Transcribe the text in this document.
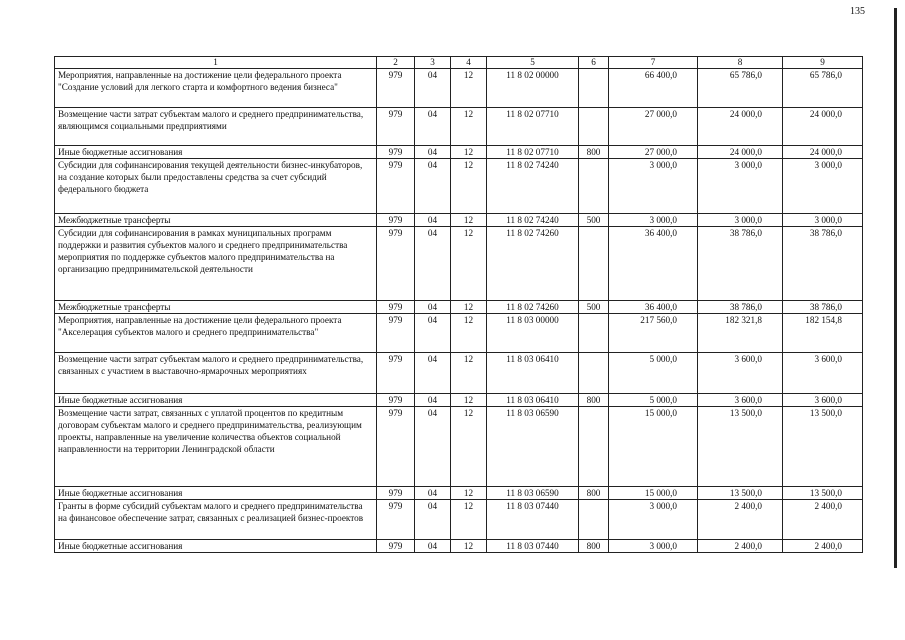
135
1	2	3	4	5	6	7	8	9
Мероприятия, направленные на достижение цели федерального проекта "Создание условий для легкого старта и комфортного ведения бизнеса"	979	04	12	11 8 02 00000		66 400,0	65 786,0	65 786,0
Возмещение части затрат субъектам малого и среднего предпринимательства, являющимся социальными предприятиями	979	04	12	11 8 02 07710		27 000,0	24 000,0	24 000,0
Иные бюджетные ассигнования	979	04	12	11 8 02 07710	800	27 000,0	24 000,0	24 000,0
Субсидии для софинансирования текущей деятельности бизнес-инкубаторов, на создание которых были предоставлены средства за счет субсидий федерального бюджета	979	04	12	11 8 02 74240		3 000,0	3 000,0	3 000,0
Межбюджетные трансферты	979	04	12	11 8 02 74240	500	3 000,0	3 000,0	3 000,0
Субсидии для софинансирования в рамках муниципальных программ поддержки и развития субъектов малого и среднего предпринимательства мероприятия по поддержке субъектов малого предпринимательства на организацию предпринимательской деятельности	979	04	12	11 8 02 74260		36 400,0	38 786,0	38 786,0
Межбюджетные трансферты	979	04	12	11 8 02 74260	500	36 400,0	38 786,0	38 786,0
Мероприятия, направленные на достижение цели федерального проекта "Акселерация субъектов малого и среднего предпринимательства"	979	04	12	11 8 03 00000		217 560,0	182 321,8	182 154,8
Возмещение части затрат субъектам малого и среднего предпринимательства, связанных с участием в выставочно-ярмарочных мероприятиях	979	04	12	11 8 03 06410		5 000,0	3 600,0	3 600,0
Иные бюджетные ассигнования	979	04	12	11 8 03 06410	800	5 000,0	3 600,0	3 600,0
Возмещение части затрат, связанных с уплатой процентов по кредитным договорам субъектам малого и среднего предпринимательства, реализующим проекты, направленные на увеличение количества объектов социальной направленности на территории Ленинградской области	979	04	12	11 8 03 06590		15 000,0	13 500,0	13 500,0
Иные бюджетные ассигнования	979	04	12	11 8 03 06590	800	15 000,0	13 500,0	13 500,0
Гранты в форме субсидий субъектам малого и среднего предпринимательства на финансовое обеспечение затрат, связанных с реализацией бизнес-проектов	979	04	12	11 8 03 07440		3 000,0	2 400,0	2 400,0
Иные бюджетные ассигнования	979	04	12	11 8 03 07440	800	3 000,0	2 400,0	2 400,0
